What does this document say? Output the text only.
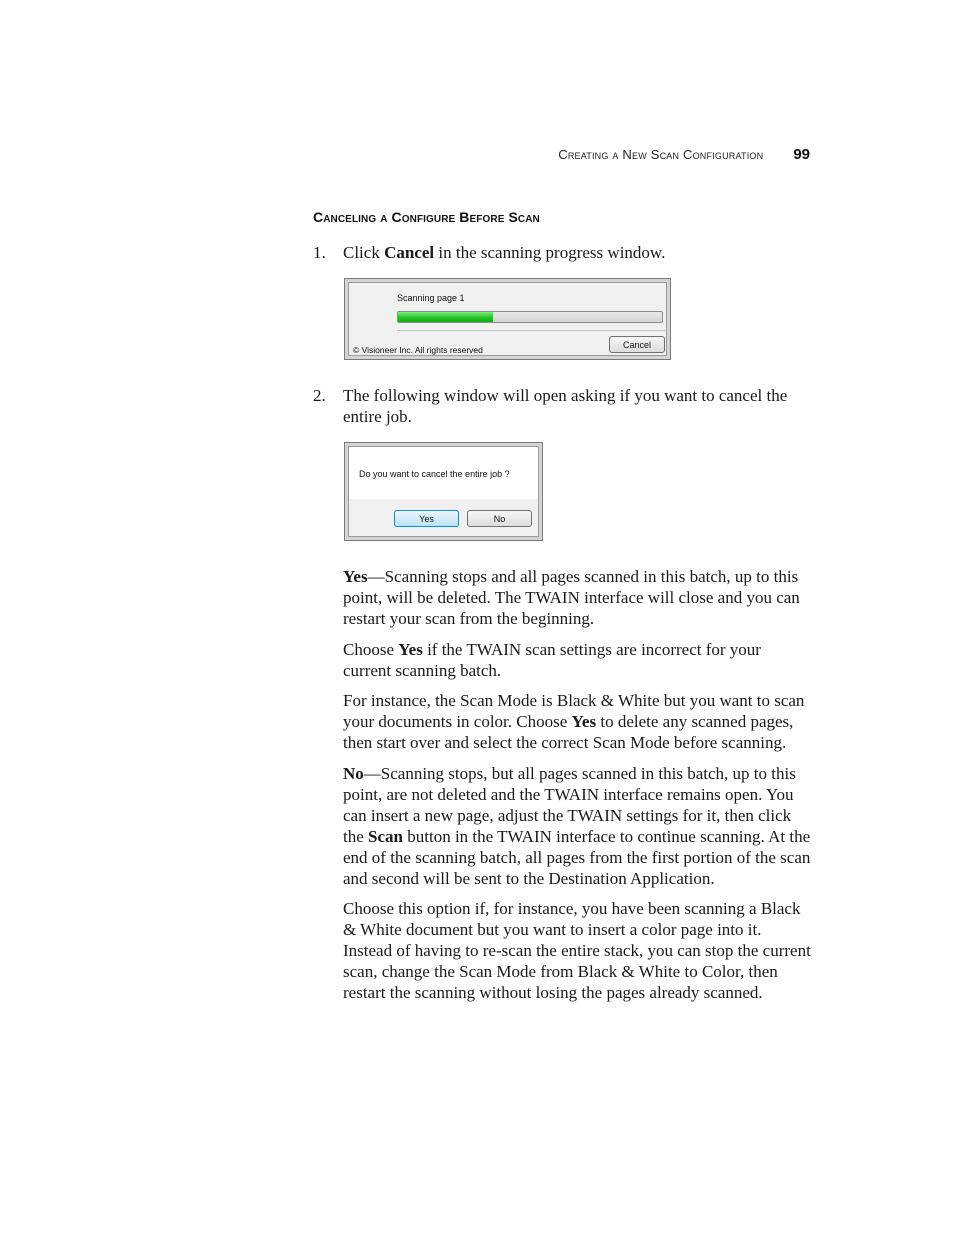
Creating a New Scan Configuration 99
Canceling a Configure Before Scan
1. Click Cancel in the scanning progress window.
Scanning page 1
© Visioneer Inc. All rights reserved
Cancel
2. The following window will open asking if you want to cancel the entire job.
Do you want to cancel the entire job ?
Yes	No

Yes—Scanning stops and all pages scanned in this batch, up to this point, will be deleted. The TWAIN interface will close and you can restart your scan from the beginning.

Choose Yes if the TWAIN scan settings are incorrect for your current scanning batch.

For instance, the Scan Mode is Black & White but you want to scan your documents in color. Choose Yes to delete any scanned pages, then start over and select the correct Scan Mode before scanning.

No—Scanning stops, but all pages scanned in this batch, up to this point, are not deleted and the TWAIN interface remains open. You can insert a new page, adjust the TWAIN settings for it, then click the Scan button in the TWAIN interface to continue scanning. At the end of the scanning batch, all pages from the first portion of the scan and second will be sent to the Destination Application.

Choose this option if, for instance, you have been scanning a Black & White document but you want to insert a color page into it. Instead of having to re-scan the entire stack, you can stop the current scan, change the Scan Mode from Black & White to Color, then restart the scanning without losing the pages already scanned.
